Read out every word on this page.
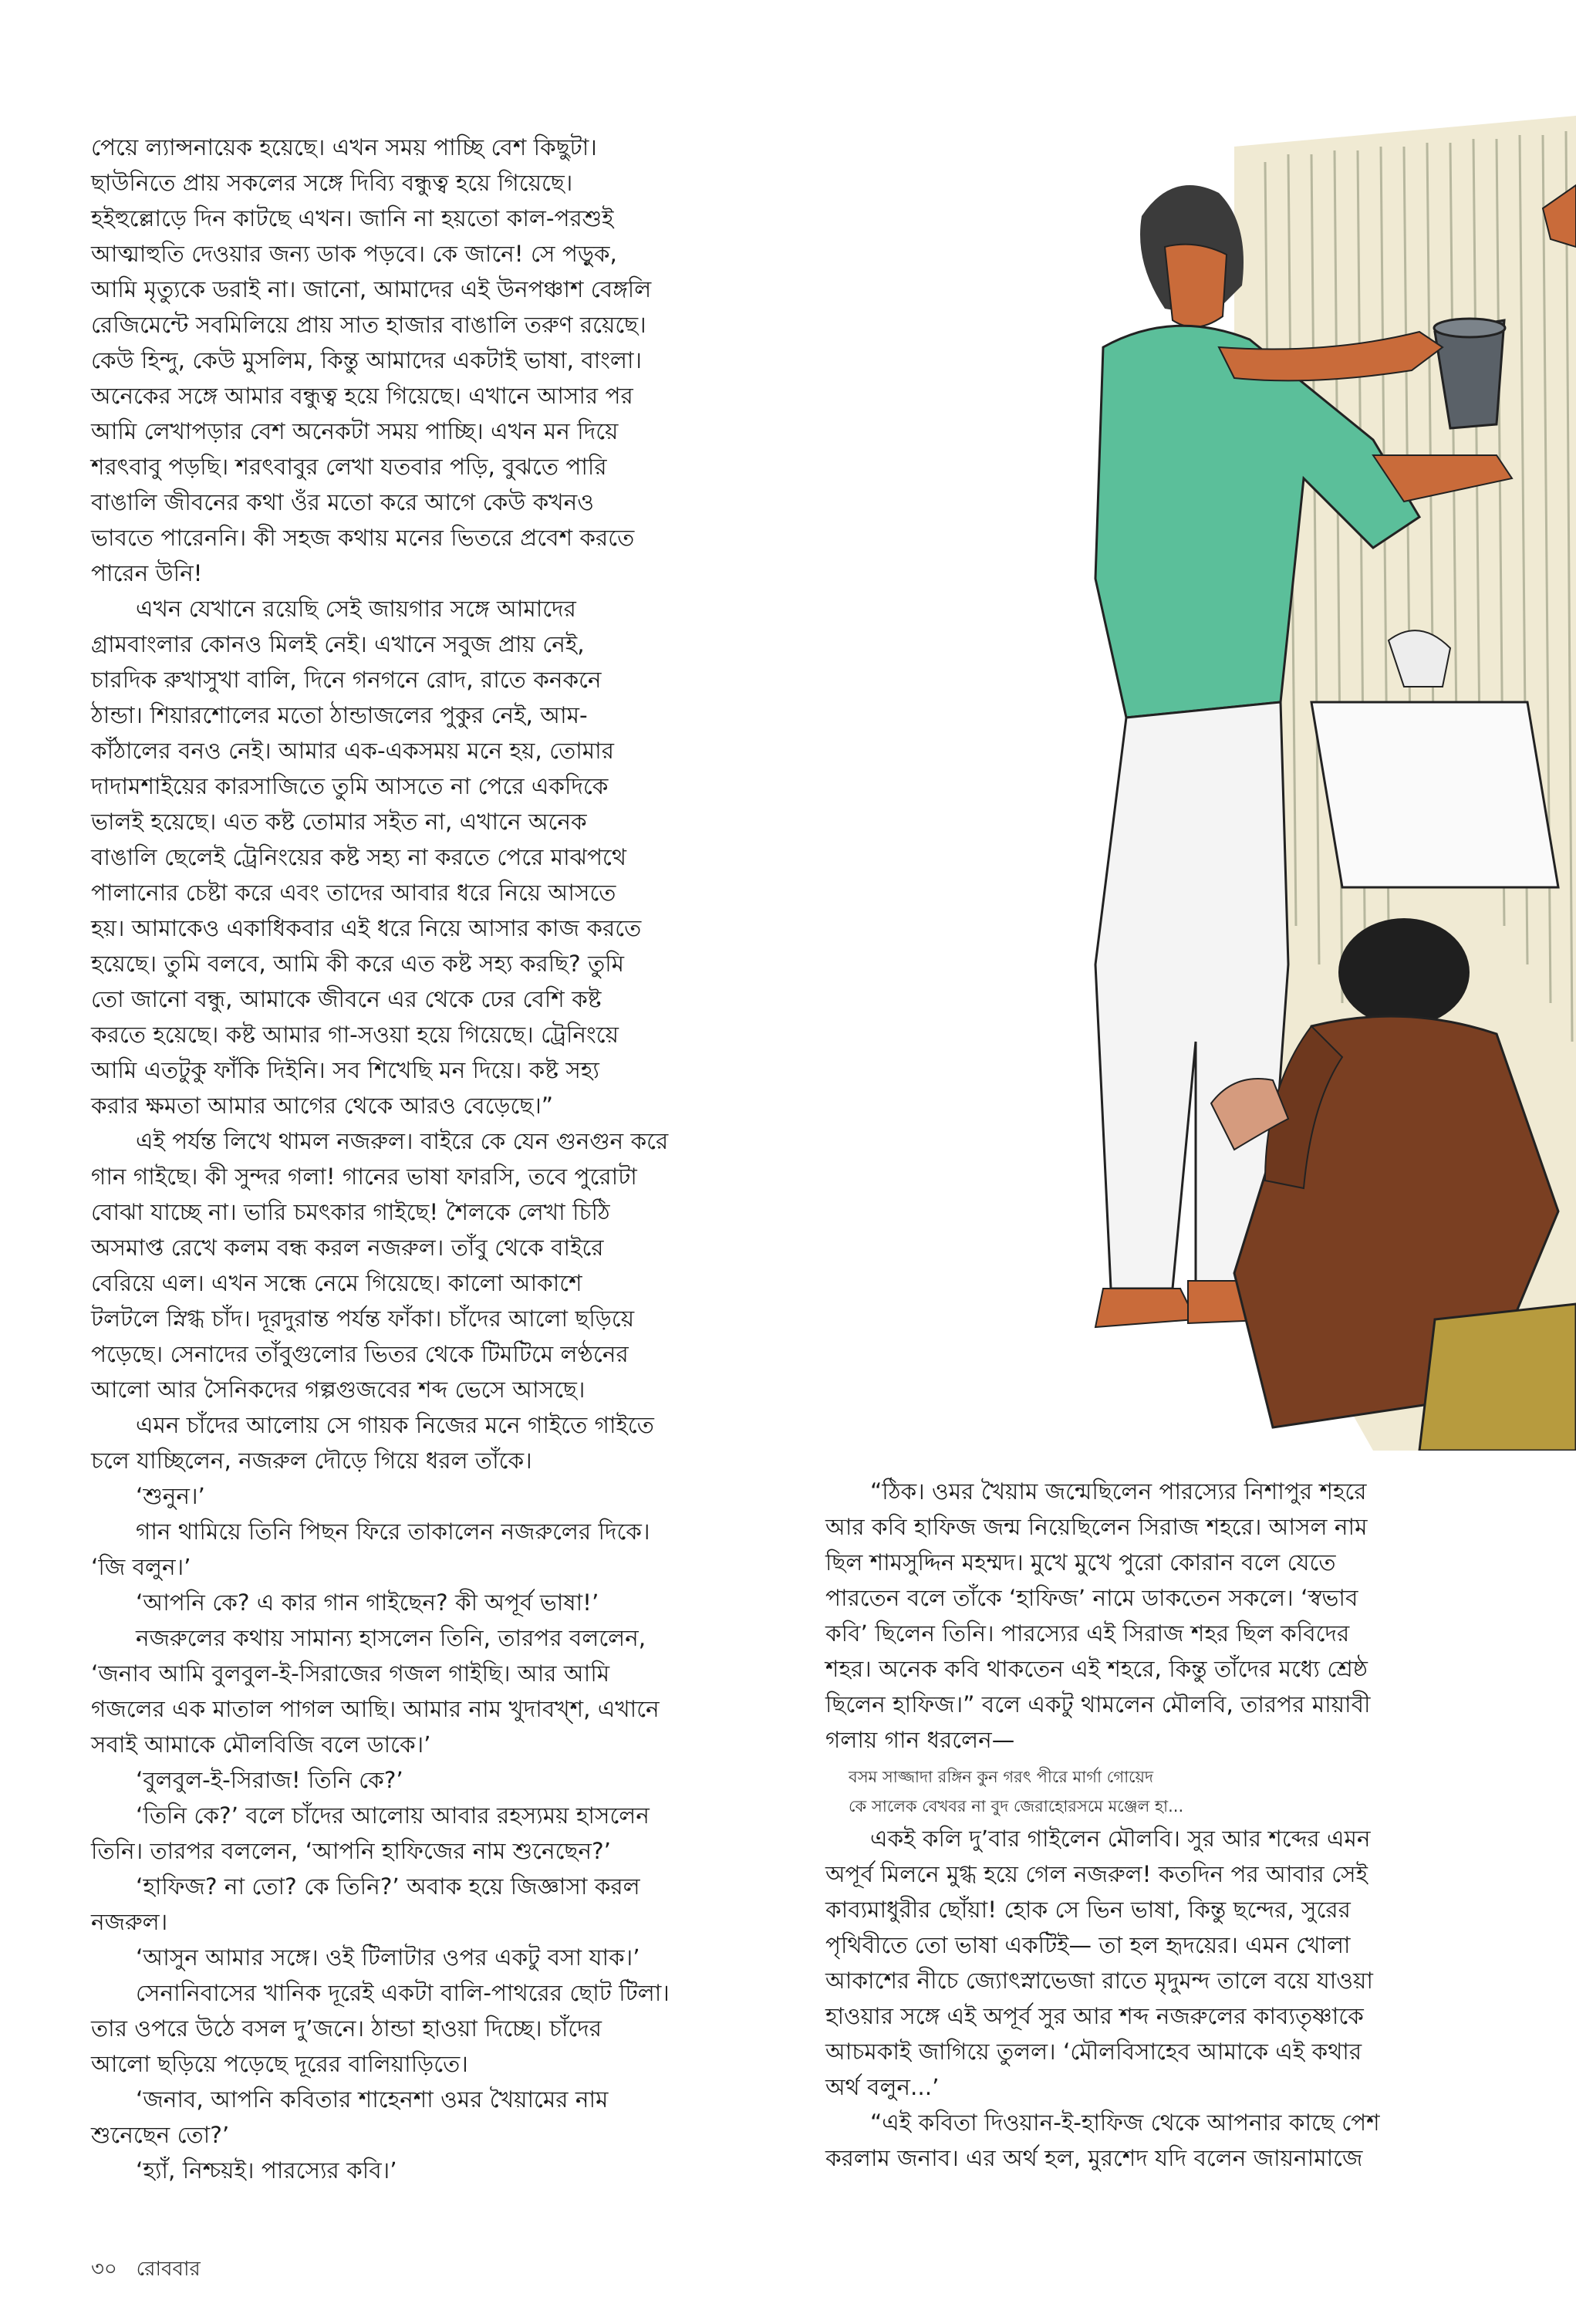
পেয়ে ল্যান্সনায়েক হয়েছে। এখন সময় পাচ্ছি বেশ কিছুটা।

ছাউনিতে প্রায় সকলের সঙ্গে দিব্যি বন্ধুত্ব হয়ে গিয়েছে।

হইহুল্লোড়ে দিন কাটছে এখন। জানি না হয়তো কাল-পরশুই

আত্মাহুতি দেওয়ার জন্য ডাক পড়বে। কে জানে! সে পড়ুক,

আমি মৃত্যুকে ডরাই না। জানো, আমাদের এই উনপঞ্চাশ বেঙ্গলি

রেজিমেন্টে সবমিলিয়ে প্রায় সাত হাজার বাঙালি তরুণ রয়েছে।

কেউ হিন্দু, কেউ মুসলিম, কিন্তু আমাদের একটাই ভাষা, বাংলা।

অনেকের সঙ্গে আমার বন্ধুত্ব হয়ে গিয়েছে। এখানে আসার পর

আমি লেখাপড়ার বেশ অনেকটা সময় পাচ্ছি। এখন মন দিয়ে

শরৎবাবু পড়ছি। শরৎবাবুর লেখা যতবার পড়ি, বুঝতে পারি

বাঙালি জীবনের কথা ওঁর মতো করে আগে কেউ কখনও

ভাবতে পারেননি। কী সহজ কথায় মনের ভিতরে প্রবেশ করতে

পারেন উনি!

এখন যেখানে রয়েছি সেই জায়গার সঙ্গে আমাদের

গ্রামবাংলার কোনও মিলই নেই। এখানে সবুজ প্রায় নেই,

চারদিক রুখাসুখা বালি, দিনে গনগনে রোদ, রাতে কনকনে

ঠান্ডা। শিয়ারশোলের মতো ঠান্ডাজলের পুকুর নেই, আম-

কাঁঠালের বনও নেই। আমার এক-একসময় মনে হয়, তোমার

দাদামশাইয়ের কারসাজিতে তুমি আসতে না পেরে একদিকে

ভালই হয়েছে। এত কষ্ট তোমার সইত না, এখানে অনেক

বাঙালি ছেলেই ট্রেনিংয়ের কষ্ট সহ্য না করতে পেরে মাঝপথে

পালানোর চেষ্টা করে এবং তাদের আবার ধরে নিয়ে আসতে

হয়। আমাকেও একাধিকবার এই ধরে নিয়ে আসার কাজ করতে

হয়েছে। তুমি বলবে, আমি কী করে এত কষ্ট সহ্য করছি? তুমি

তো জানো বন্ধু, আমাকে জীবনে এর থেকে ঢের বেশি কষ্ট

করতে হয়েছে। কষ্ট আমার গা-সওয়া হয়ে গিয়েছে। ট্রেনিংয়ে

আমি এতটুকু ফাঁকি দিইনি। সব শিখেছি মন দিয়ে। কষ্ট সহ্য

করার ক্ষমতা আমার আগের থেকে আরও বেড়েছে।”

এই পর্যন্ত লিখে থামল নজরুল। বাইরে কে যেন গুনগুন করে

গান গাইছে। কী সুন্দর গলা! গানের ভাষা ফারসি, তবে পুরোটা

বোঝা যাচ্ছে না। ভারি চমৎকার গাইছে! শৈলকে লেখা চিঠি

অসমাপ্ত রেখে কলম বন্ধ করল নজরুল। তাঁবু থেকে বাইরে

বেরিয়ে এল। এখন সন্ধে নেমে গিয়েছে। কালো আকাশে

টলটলে স্নিগ্ধ চাঁদ। দূরদুরান্ত পর্যন্ত ফাঁকা। চাঁদের আলো ছড়িয়ে

পড়েছে। সেনাদের তাঁবুগুলোর ভিতর থেকে টিমটিমে লণ্ঠনের

আলো আর সৈনিকদের গল্পগুজবের শব্দ ভেসে আসছে।

এমন চাঁদের আলোয় সে গায়ক নিজের মনে গাইতে গাইতে

চলে যাচ্ছিলেন, নজরুল দৌড়ে গিয়ে ধরল তাঁকে।

‘শুনুন।’

গান থামিয়ে তিনি পিছন ফিরে তাকালেন নজরুলের দিকে।

‘জি বলুন।’

‘আপনি কে? এ কার গান গাইছেন? কী অপূর্ব ভাষা!’

নজরুলের কথায় সামান্য হাসলেন তিনি, তারপর বললেন,

‘জনাব আমি বুলবুল-ই-সিরাজের গজল গাইছি। আর আমি

গজলের এক মাতাল পাগল আছি। আমার নাম খুদাবখ্‌শ, এখানে

সবাই আমাকে মৌলবিজি বলে ডাকে।’

‘বুলবুল-ই-সিরাজ! তিনি কে?’

‘তিনি কে?’ বলে চাঁদের আলোয় আবার রহস্যময় হাসলেন

তিনি। তারপর বললেন, ‘আপনি হাফিজের নাম শুনেছেন?’

‘হাফিজ? না তো? কে তিনি?’ অবাক হয়ে জিজ্ঞাসা করল

নজরুল।

‘আসুন আমার সঙ্গে। ওই টিলাটার ওপর একটু বসা যাক।’

সেনানিবাসের খানিক দূরেই একটা বালি-পাথরের ছোট টিলা।

তার ওপরে উঠে বসল দু’জনে। ঠান্ডা হাওয়া দিচ্ছে। চাঁদের

আলো ছড়িয়ে পড়েছে দূরের বালিয়াড়িতে।

‘জনাব, আপনি কবিতার শাহেনশা ওমর খৈয়ামের নাম

শুনেছেন তো?’

‘হ্যাঁ, নিশ্চয়ই। পারস্যের কবি।’

“ঠিক। ওমর খৈয়াম জন্মেছিলেন পারস্যের নিশাপুর শহরে

আর কবি হাফিজ জন্ম নিয়েছিলেন সিরাজ শহরে। আসল নাম

ছিল শামসুদ্দিন মহম্মদ। মুখে মুখে পুরো কোরান বলে যেতে

পারতেন বলে তাঁকে ‘হাফিজ’ নামে ডাকতেন সকলে। ‘স্বভাব

কবি’ ছিলেন তিনি। পারস্যের এই সিরাজ শহর ছিল কবিদের

শহর। অনেক কবি থাকতেন এই শহরে, কিন্তু তাঁদের মধ্যে শ্রেষ্ঠ

ছিলেন হাফিজ।” বলে একটু থামলেন মৌলবি, তারপর মায়াবী

গলায় গান ধরলেন—

বসম সাজ্জাদা রঙ্গিন কুন গরৎ পীরে মার্গা গোয়েদ
কে সালেক বেখবর না বুদ জেরাহোরসমে মঞ্জেল হা...

একই কলি দু’বার গাইলেন মৌলবি। সুর আর শব্দের এমন

অপূর্ব মিলনে মুগ্ধ হয়ে গেল নজরুল! কতদিন পর আবার সেই

কাব্যমাধুরীর ছোঁয়া! হোক সে ভিন ভাষা, কিন্তু ছন্দের, সুরের

পৃথিবীতে তো ভাষা একটিই— তা হল হৃদয়ের। এমন খোলা

আকাশের নীচে জ্যোৎস্নাভেজা রাতে মৃদুমন্দ তালে বয়ে যাওয়া

হাওয়ার সঙ্গে এই অপূর্ব সুর আর শব্দ নজরুলের কাব্যতৃষ্ণাকে

আচমকাই জাগিয়ে তুলল। ‘মৌলবিসাহেব আমাকে এই কথার

অর্থ বলুন...’

“এই কবিতা দিওয়ান-ই-হাফিজ থেকে আপনার কাছে পেশ

করলাম জনাব। এর অর্থ হল, মুরশেদ যদি বলেন জায়নামাজে

৩০ রোববার
